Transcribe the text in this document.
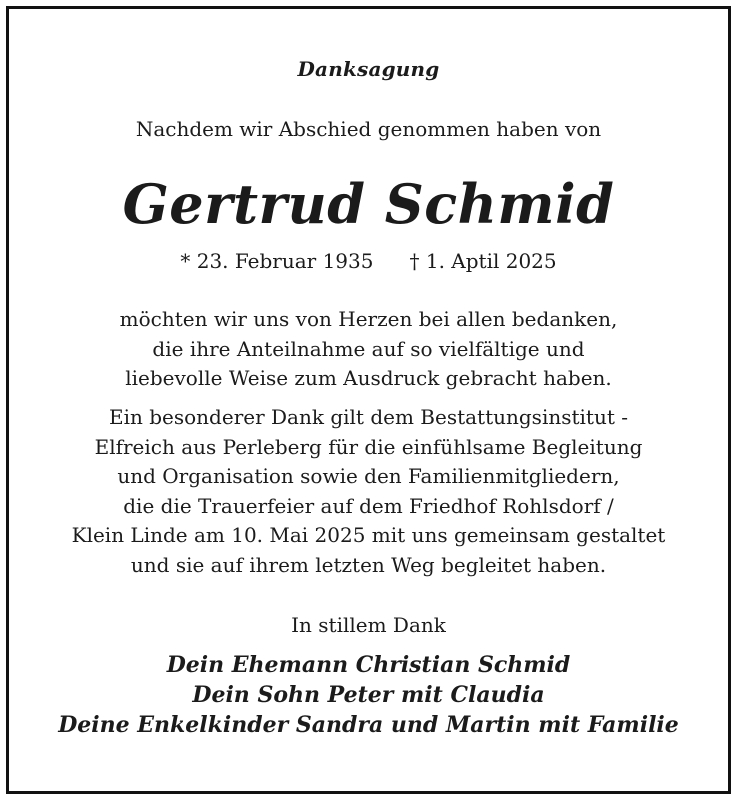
Danksagung
Nachdem wir Abschied genommen haben von
Gertrud Schmid
* 23. Februar 1935 † 1. Aptil 2025
möchten wir uns von Herzen bei allen bedanken,
die ihre Anteilnahme auf so vielfältige und
liebevolle Weise zum Ausdruck gebracht haben.
Ein besonderer Dank gilt dem Bestattungsinstitut -
Elfreich aus Perleberg für die einfühlsame Begleitung
und Organisation sowie den Familienmitgliedern,
die die Trauerfeier auf dem Friedhof Rohlsdorf /
Klein Linde am 10. Mai 2025 mit uns gemeinsam gestaltet
und sie auf ihrem letzten Weg begleitet haben.
In stillem Dank
Dein Ehemann Christian Schmid
Dein Sohn Peter mit Claudia
Deine Enkelkinder Sandra und Martin mit Familie
